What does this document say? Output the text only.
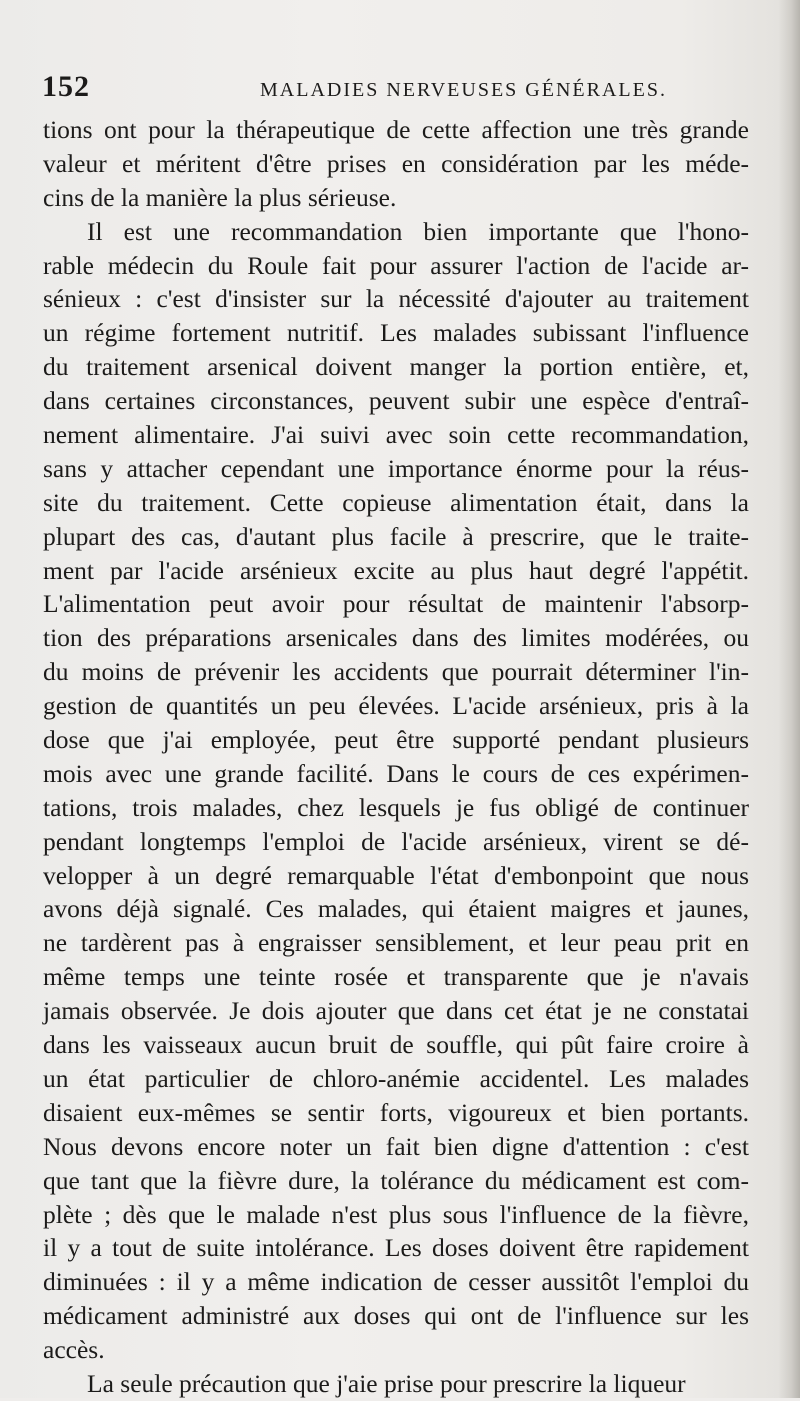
152	MALADIES NERVEUSES GÉNÉRALES.
tions ont pour la thérapeutique de cette affection une très grande
valeur et méritent d'être prises en considération par les méde-
cins de la manière la plus sérieuse.
Il est une recommandation bien importante que l'hono-
rable médecin du Roule fait pour assurer l'action de l'acide ar-
sénieux : c'est d'insister sur la nécessité d'ajouter au traitement
un régime fortement nutritif. Les malades subissant l'influence
du traitement arsenical doivent manger la portion entière, et,
dans certaines circonstances, peuvent subir une espèce d'entraî-
nement alimentaire. J'ai suivi avec soin cette recommandation,
sans y attacher cependant une importance énorme pour la réus-
site du traitement. Cette copieuse alimentation était, dans la
plupart des cas, d'autant plus facile à prescrire, que le traite-
ment par l'acide arsénieux excite au plus haut degré l'appétit.
L'alimentation peut avoir pour résultat de maintenir l'absorp-
tion des préparations arsenicales dans des limites modérées, ou
du moins de prévenir les accidents que pourrait déterminer l'in-
gestion de quantités un peu élevées. L'acide arsénieux, pris à la
dose que j'ai employée, peut être supporté pendant plusieurs
mois avec une grande facilité. Dans le cours de ces expérimen-
tations, trois malades, chez lesquels je fus obligé de continuer
pendant longtemps l'emploi de l'acide arsénieux, virent se dé-
velopper à un degré remarquable l'état d'embonpoint que nous
avons déjà signalé. Ces malades, qui étaient maigres et jaunes,
ne tardèrent pas à engraisser sensiblement, et leur peau prit en
même temps une teinte rosée et transparente que je n'avais
jamais observée. Je dois ajouter que dans cet état je ne constatai
dans les vaisseaux aucun bruit de souffle, qui pût faire croire à
un état particulier de chloro-anémie accidentel. Les malades
disaient eux-mêmes se sentir forts, vigoureux et bien portants.
Nous devons encore noter un fait bien digne d'attention : c'est
que tant que la fièvre dure, la tolérance du médicament est com-
plète ; dès que le malade n'est plus sous l'influence de la fièvre,
il y a tout de suite intolérance. Les doses doivent être rapidement
diminuées : il y a même indication de cesser aussitôt l'emploi du
médicament administré aux doses qui ont de l'influence sur les
accès.
La seule précaution que j'aie prise pour prescrire la liqueur
